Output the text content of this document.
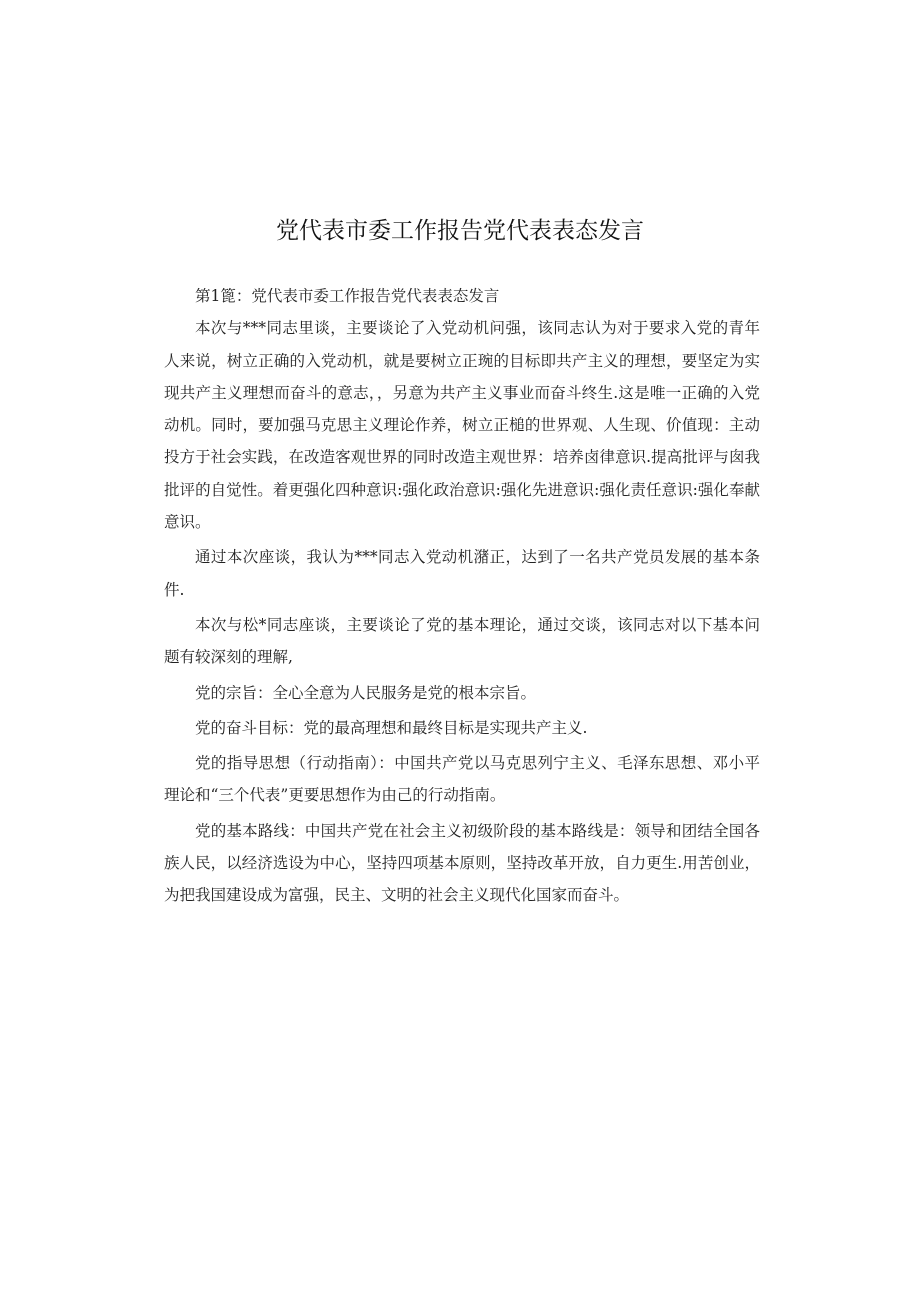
党代表市委工作报告党代表表态发言

第1篦：党代表市委工作报告党代表表态发言

本次与***同志里谈，主要谈论了入党动机问强，该同志认为对于要求入党的青年人来说，树立正确的入党动机，就是要树立正琬的目标即共产主义的理想，要坚定为实现共产主义理想而奋斗的意志，，另意为共产主义事业而奋斗终生.这是唯一正确的入党动机。同时，要加强马克思主义理论作养，树立正槌的世界观、人生现、价值现：主动投方于社会实践，在改造客观世界的同时改造主观世界：培养卤律意识.提高批评与囱我批评的自觉性。着更强化四种意识:强化政治意识:强化先进意识:强化责任意识:强化奉献意识。

通过本次座谈，我认为***同志入党动机潴正，达到了一名共产党员发展的基本条件.

本次与松*同志座谈，主要谈论了党的基本理论，通过交谈，该同志对以下基本问题有较深刻的理解,

党的宗旨：全心全意为人民服务是党的根本宗旨。

党的奋斗目标：党的最高理想和最终目标是实现共产主义.

党的指导思想（行动指南）：中国共产党以马克思列宁主义、毛泽东思想、邓小平理论和“三个代表”更要思想作为由己的行动指南。

党的基本路线：中国共产党在社会主义初级阶段的基本路线是：领导和团结全国各族人民，以经济选设为中心，坚持四项基本原则，坚持改革开放，自力更生.用苦创业，为把我国建设成为富强，民主、文明的社会主义现代化国家而奋斗。
